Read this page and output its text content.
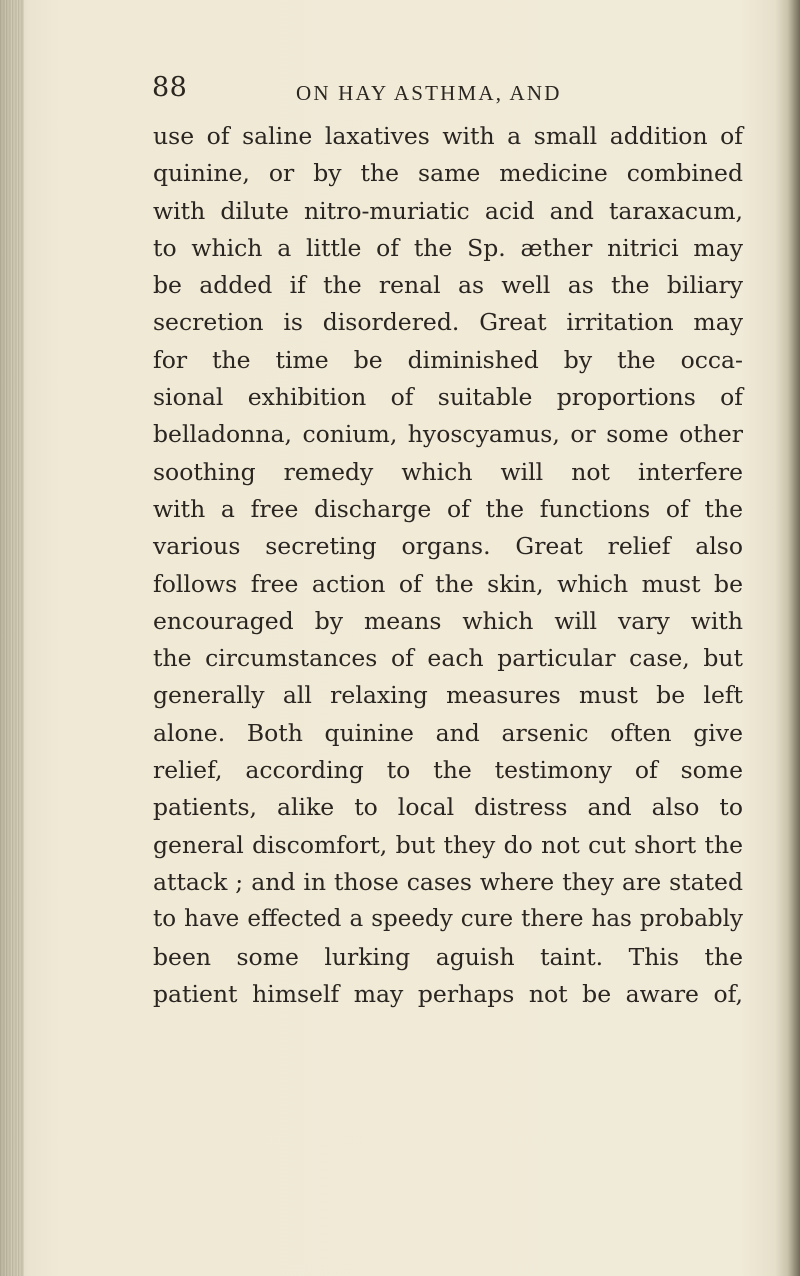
88	ON HAY ASTHMA, AND
use of saline laxatives with a small addition of
quinine, or by the same medicine combined
with dilute nitro-muriatic acid and taraxacum,
to which a little of the Sp. æther nitrici may
be added if the renal as well as the biliary
secretion is disordered. Great irritation may
for the time be diminished by the occa-
sional exhibition of suitable proportions of
belladonna, conium, hyoscyamus, or some other
soothing remedy which will not interfere
with a free discharge of the functions of the
various secreting organs. Great relief also
follows free action of the skin, which must be
encouraged by means which will vary with
the circumstances of each particular case, but
generally all relaxing measures must be left
alone. Both quinine and arsenic often give
relief, according to the testimony of some
patients, alike to local distress and also to
general discomfort, but they do not cut short the
attack ; and in those cases where they are stated
to have effected a speedy cure there has probably
been some lurking aguish taint. This the
patient himself may perhaps not be aware of,
